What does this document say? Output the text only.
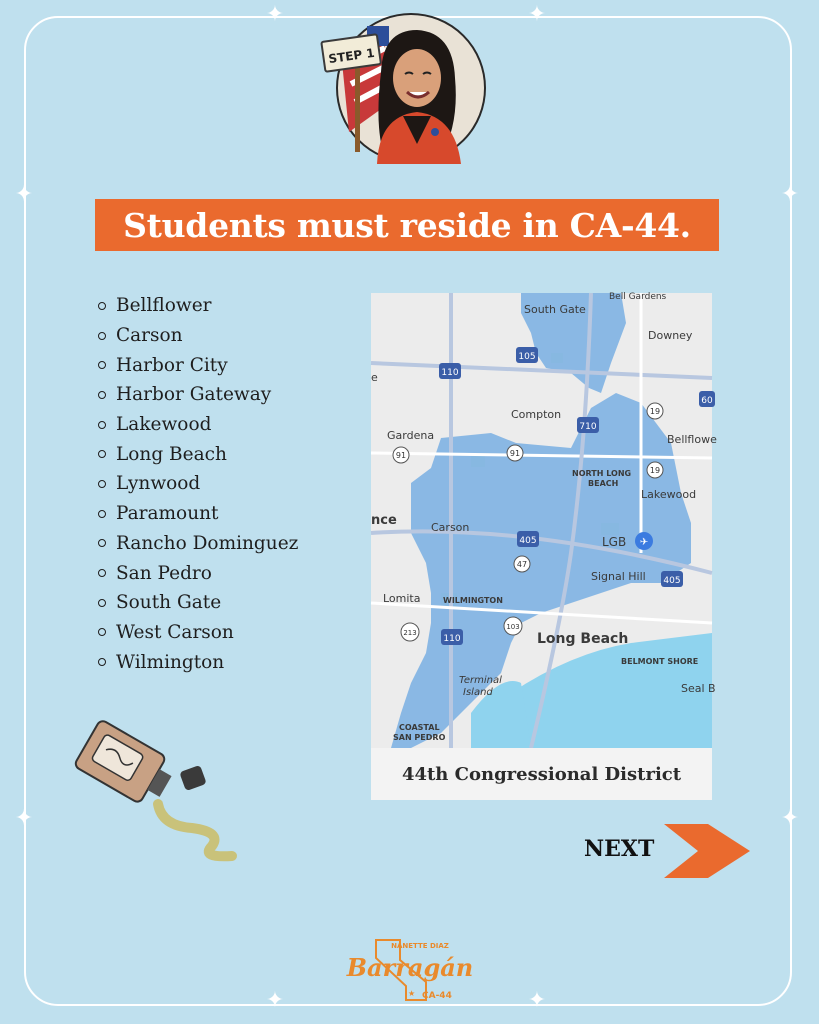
✦	✦
✦	✦
✦	✦
✦	✦
STEP 1
Students must reside in CA-44.
Bellflower
Carson
Harbor City
Harbor Gateway
Lakewood
Long Beach
Lynwood
Paramount
Rancho Dominguez
San Pedro
South Gate
West Carson
Wilmington
105
110
710
60
19
19
91	91
405
405
47
213
110
103
✈
Bell Gardens
South Gate
Downey
e
Compton
Gardena	Bellflowe
NORTH LONG
BEACH
Lakewood
nce	Carson
LGB
Signal Hill
Lomita	WILMINGTON
Long Beach
BELMONT SHORE
Seal B
Terminal
Island
COASTAL
SAN PEDRO
44th Congressional District
NEXT
NANETTE DIAZ
Barragán
CA-44
★
